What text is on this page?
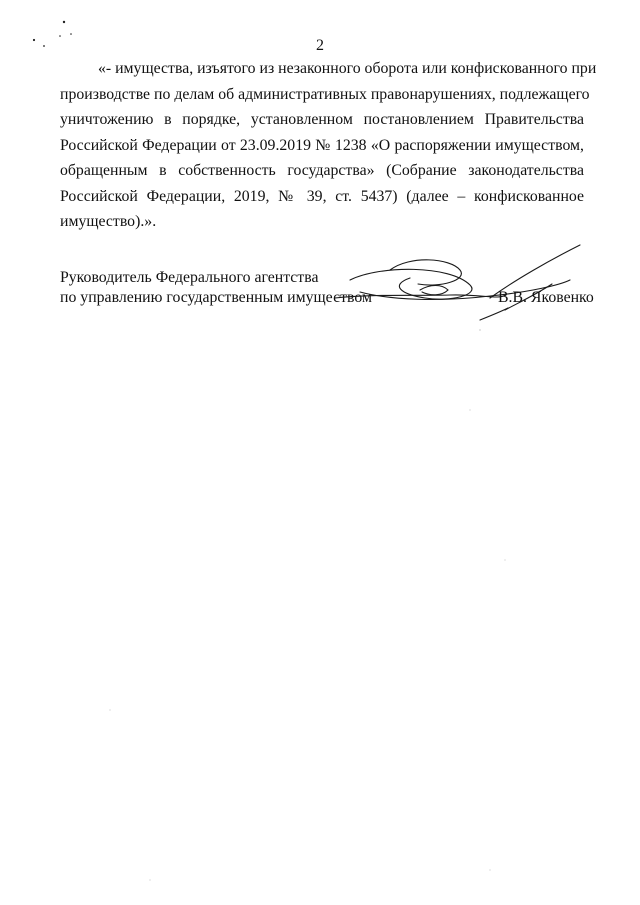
2
«- имущества, изъятого из незаконного оборота или конфискованного при
производстве по делам об административных правонарушениях, подлежащего
уничтожению в порядке, установленном постановлением Правительства
Российской Федерации от 23.09.2019 № 1238 «О распоряжении имуществом,
обращенным в собственность государства» (Собрание законодательства
Российской Федерации, 2019, № 39, ст. 5437) (далее – конфискованное
имущество).».
Руководитель Федерального агентства
по управлению государственным имуществом	В.В. Яковенко
